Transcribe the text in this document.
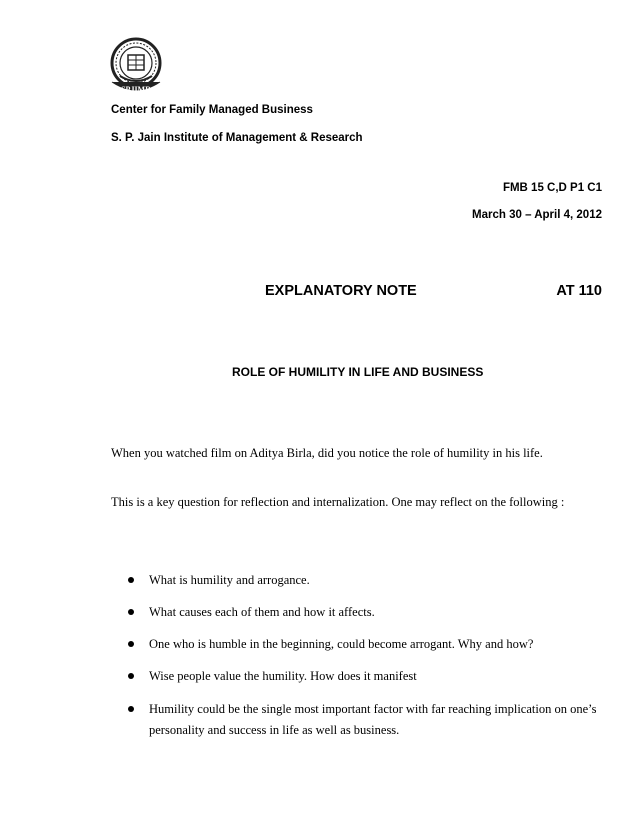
SPJIMR
Center for Family Managed Business
S. P. Jain Institute of Management & Research
FMB 15 C,D P1 C1
March 30 – April 4, 2012
EXPLANATORY NOTE	AT 110
ROLE OF HUMILITY IN LIFE AND BUSINESS
When you watched film on Aditya Birla, did you notice the role of humility in his life.
This is a key question for reflection and internalization. One may reflect on the following :
What is humility and arrogance.
What causes each of them and how it affects.
One who is humble in the beginning, could become arrogant. Why and how?
Wise people value the humility. How does it manifest
Humility could be the single most important factor with far reaching implication on one’s personality and success in life as well as business.
